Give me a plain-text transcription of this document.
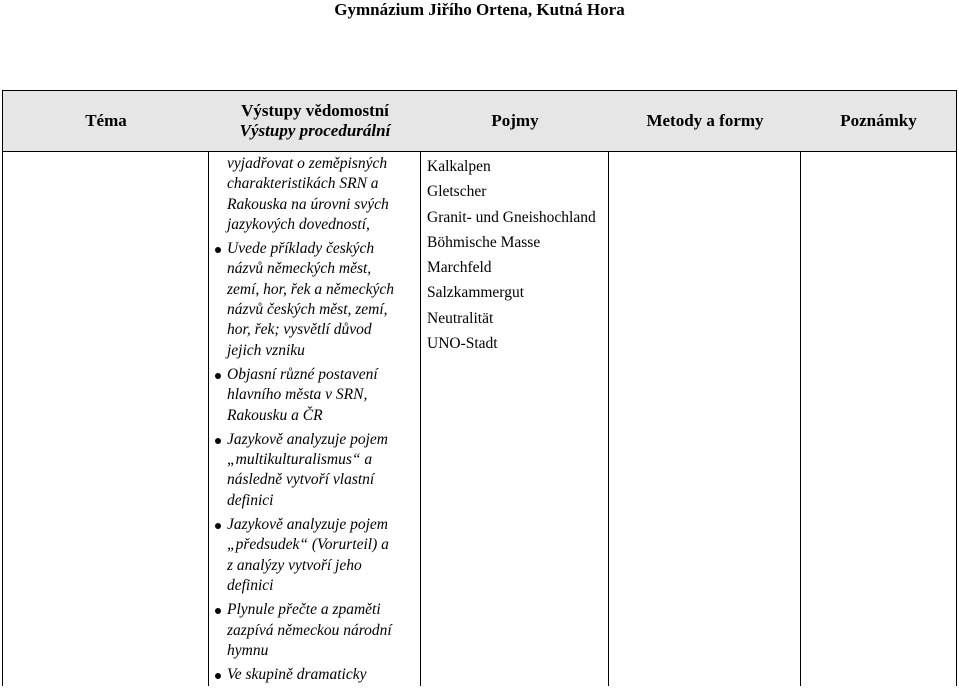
Gymnázium Jiřího Ortena, Kutná Hora
Téma
Výstupy vědomostní
Výstupy procedurální
Pojmy	Metody a formy	Poznámky

vyjadřovat o zeměpisných
charakteristikách SRN a
Rakouska na úrovni svých
jazykových dovedností,

Uvede příklady českých
názvů německých měst,
zemí, hor, řek a německých
názvů českých měst, zemí,
hor, řek; vysvětlí důvod
jejich vzniku

Objasní různé postavení
hlavního města v SRN,
Rakousku a ČR

Jazykově analyzuje pojem
„multikulturalismus“ a
následně vytvoří vlastní
definici

Jazykově analyzuje pojem
„předsudek“ (Vorurteil) a
z analýzy vytvoří jeho
definici

Plynule přečte a zpaměti
zazpívá německou národní
hymnu

Ve skupině dramaticky

Kalkalpen
Gletscher
Granit- und Gneishochland
Böhmische Masse
Marchfeld
Salzkammergut
Neutralität
UNO-Stadt
